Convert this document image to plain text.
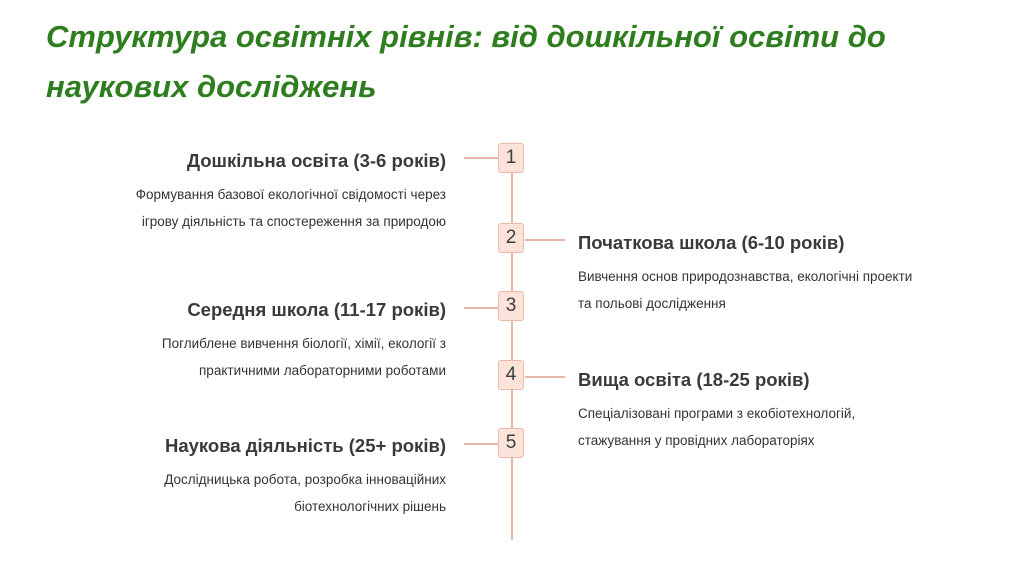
Структура освітніх рівнів: від дошкільної освіти до наукових досліджень
1
2
3
4
5
Дошкільна освіта (3-6 років)

Формування базової екологічної свідомості через
ігрову діяльність та спостереження за природою

Початкова школа (6-10 років)

Вивчення основ природознавства, екологічні проекти
та польові дослідження

Середня школа (11-17 років)

Поглиблене вивчення біології, хімії, екології з
практичними лабораторними роботами	Вища освіта (18-25 років)

Спеціалізовані програми з екобіотехнологій,
стажування у провідних лабораторіях

Наукова діяльність (25+ років)

Дослідницька робота, розробка інноваційних
біотехнологічних рішень
